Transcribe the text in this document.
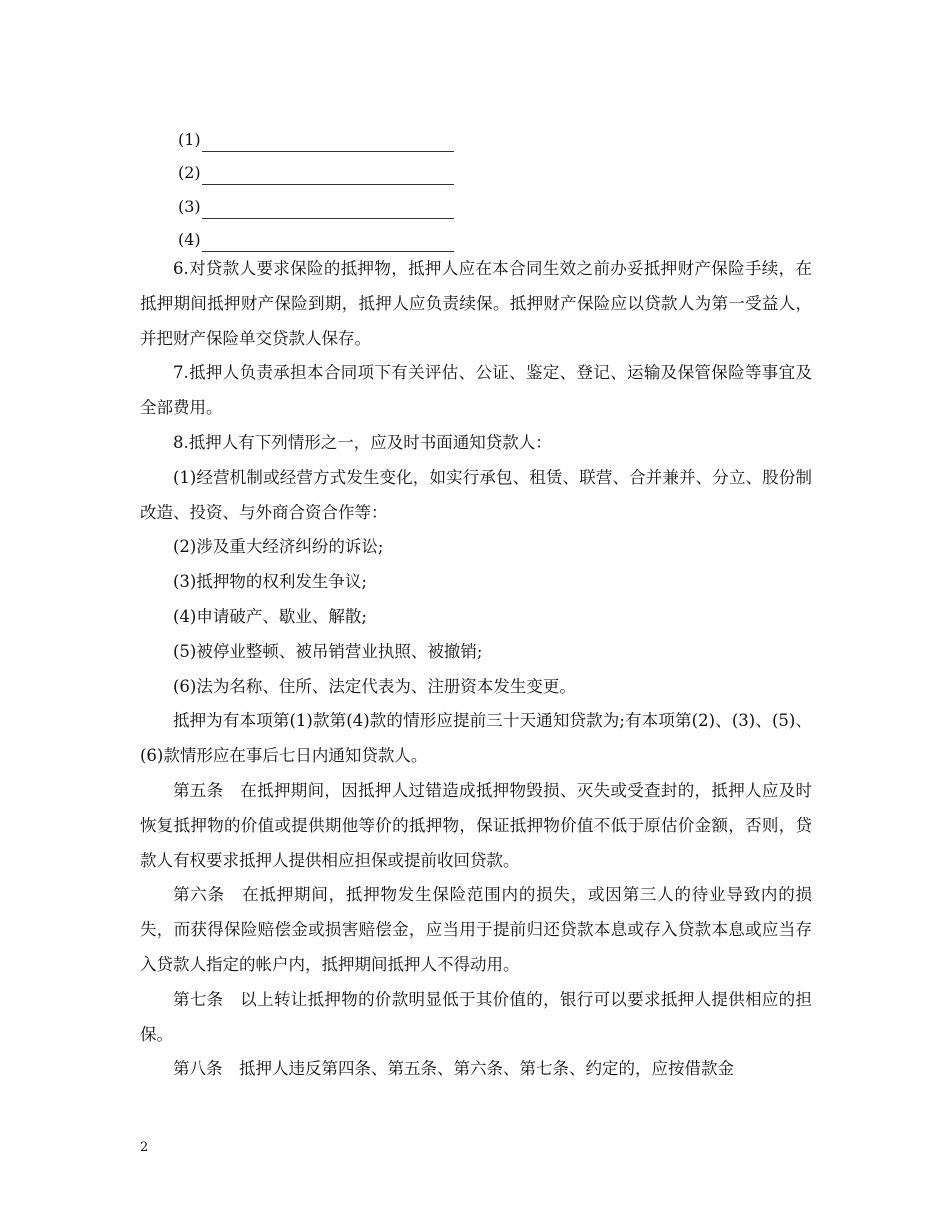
(1)
(2)
(3)
(4)

6.对贷款人要求保险的抵押物，抵押人应在本合同生效之前办妥抵押财产保险手续，在抵押期间抵押财产保险到期，抵押人应负责续保。抵押财产保险应以贷款人为第一受益人，并把财产保险单交贷款人保存。

7.抵押人负责承担本合同项下有关评估、公证、鉴定、登记、运输及保管保险等事宜及全部费用。

8.抵押人有下列情形之一，应及时书面通知贷款人：

(1)经营机制或经营方式发生变化，如实行承包、租赁、联营、合并兼并、分立、股份制改造、投资、与外商合资合作等：

(2)涉及重大经济纠纷的诉讼;

(3)抵押物的权利发生争议;

(4)申请破产、歇业、解散;

(5)被停业整顿、被吊销营业执照、被撤销;

(6)法为名称、住所、法定代表为、注册资本发生变更。

抵押为有本项第(1)款第(4)款的情形应提前三十天通知贷款为;有本项第(2)、(3)、(5)、(6)款情形应在事后七日内通知贷款人。

第五条　在抵押期间，因抵押人过错造成抵押物毁损、灭失或受查封的，抵押人应及时恢复抵押物的价值或提供期他等价的抵押物，保证抵押物价值不低于原估价金额，否则，贷款人有权要求抵押人提供相应担保或提前收回贷款。

第六条　在抵押期间，抵押物发生保险范围内的损失，或因第三人的待业导致内的损失，而获得保险赔偿金或损害赔偿金，应当用于提前归还贷款本息或存入贷款本息或应当存入贷款人指定的帐户内，抵押期间抵押人不得动用。

第七条　以上转让抵押物的价款明显低于其价值的，银行可以要求抵押人提供相应的担保。

第八条　抵押人违反第四条、第五条、第六条、第七条、约定的，应按借款金

2
